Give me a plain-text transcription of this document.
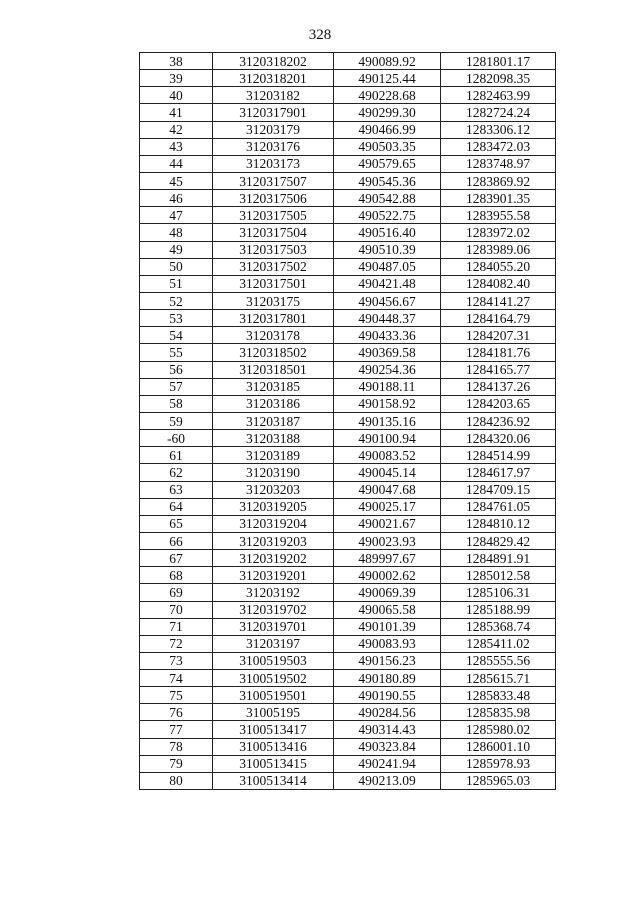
328
38	3120318202	490089.92	1281801.17
39	3120318201	490125.44	1282098.35
40	31203182	490228.68	1282463.99
41	3120317901	490299.30	1282724.24
42	31203179	490466.99	1283306.12
43	31203176	490503.35	1283472.03
44	31203173	490579.65	1283748.97
45	3120317507	490545.36	1283869.92
46	3120317506	490542.88	1283901.35
47	3120317505	490522.75	1283955.58
48	3120317504	490516.40	1283972.02
49	3120317503	490510.39	1283989.06
50	3120317502	490487.05	1284055.20
51	3120317501	490421.48	1284082.40
52	31203175	490456.67	1284141.27
53	3120317801	490448.37	1284164.79
54	31203178	490433.36	1284207.31
55	3120318502	490369.58	1284181.76
56	3120318501	490254.36	1284165.77
57	31203185	490188.11	1284137.26
58	31203186	490158.92	1284203.65
59	31203187	490135.16	1284236.92
-60	31203188	490100.94	1284320.06
61	31203189	490083.52	1284514.99
62	31203190	490045.14	1284617.97
63	31203203	490047.68	1284709.15
64	3120319205	490025.17	1284761.05
65	3120319204	490021.67	1284810.12
66	3120319203	490023.93	1284829.42
67	3120319202	489997.67	1284891.91
68	3120319201	490002.62	1285012.58
69	31203192	490069.39	1285106.31
70	3120319702	490065.58	1285188.99
71	3120319701	490101.39	1285368.74
72	31203197	490083.93	1285411.02
73	3100519503	490156.23	1285555.56
74	3100519502	490180.89	1285615.71
75	3100519501	490190.55	1285833.48
76	31005195	490284.56	1285835.98
77	3100513417	490314.43	1285980.02
78	3100513416	490323.84	1286001.10
79	3100513415	490241.94	1285978.93
80	3100513414	490213.09	1285965.03
